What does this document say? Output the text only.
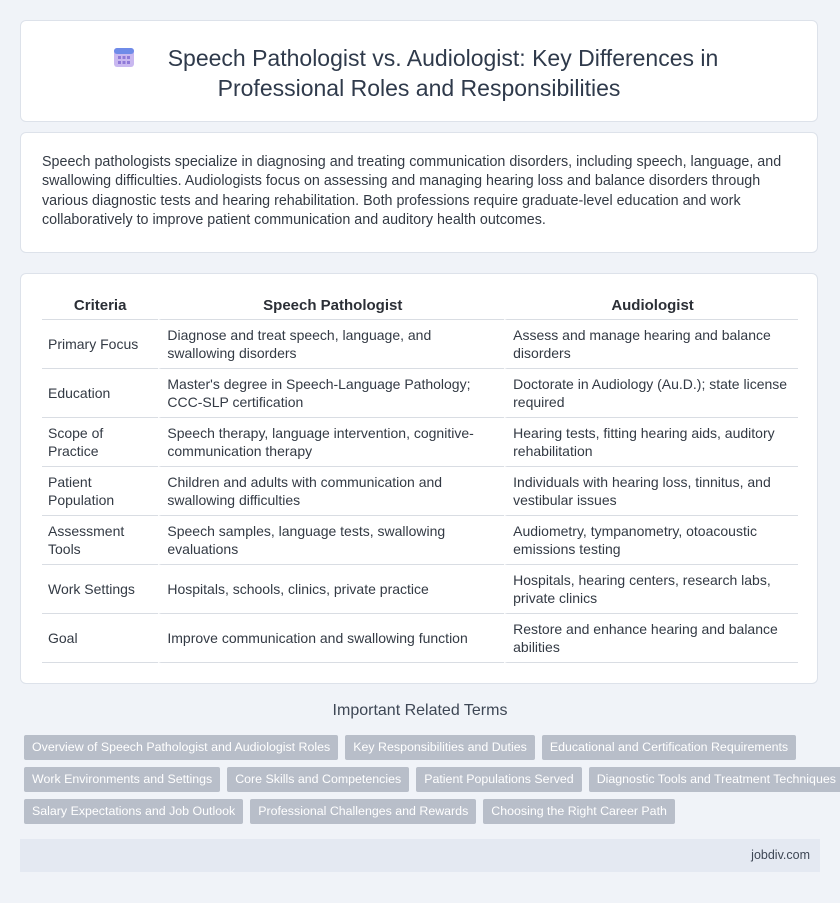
Speech Pathologist vs. Audiologist: Key Differences in
Professional Roles and Responsibilities

Speech pathologists specialize in diagnosing and treating communication disorders, including speech, language, and swallowing difficulties. Audiologists focus on assessing and managing hearing loss and balance disorders through various diagnostic tests and hearing rehabilitation. Both professions require graduate-level education and work collaboratively to improve patient communication and auditory health outcomes.

Criteria	Speech Pathologist	Audiologist
Primary Focus	Diagnose and treat speech, language, and swallowing disorders	Assess and manage hearing and balance disorders
Education	Master's degree in Speech-Language Pathology; CCC-SLP certification	Doctorate in Audiology (Au.D.); state license required
Scope of Practice	Speech therapy, language intervention, cognitive-communication therapy	Hearing tests, fitting hearing aids, auditory rehabilitation
Patient Population	Children and adults with communication and swallowing difficulties	Individuals with hearing loss, tinnitus, and vestibular issues
Assessment Tools	Speech samples, language tests, swallowing evaluations	Audiometry, tympanometry, otoacoustic emissions testing
Work Settings	Hospitals, schools, clinics, private practice	Hospitals, hearing centers, research labs, private clinics
Goal	Improve communication and swallowing function	Restore and enhance hearing and balance abilities
Important Related Terms
Overview of Speech Pathologist and Audiologist Roles	Key Responsibilities and Duties	Educational and Certification Requirements
Work Environments and Settings	Core Skills and Competencies	Patient Populations Served	Diagnostic Tools and Treatment Techniques
Salary Expectations and Job Outlook	Professional Challenges and Rewards	Choosing the Right Career Path
jobdiv.com
